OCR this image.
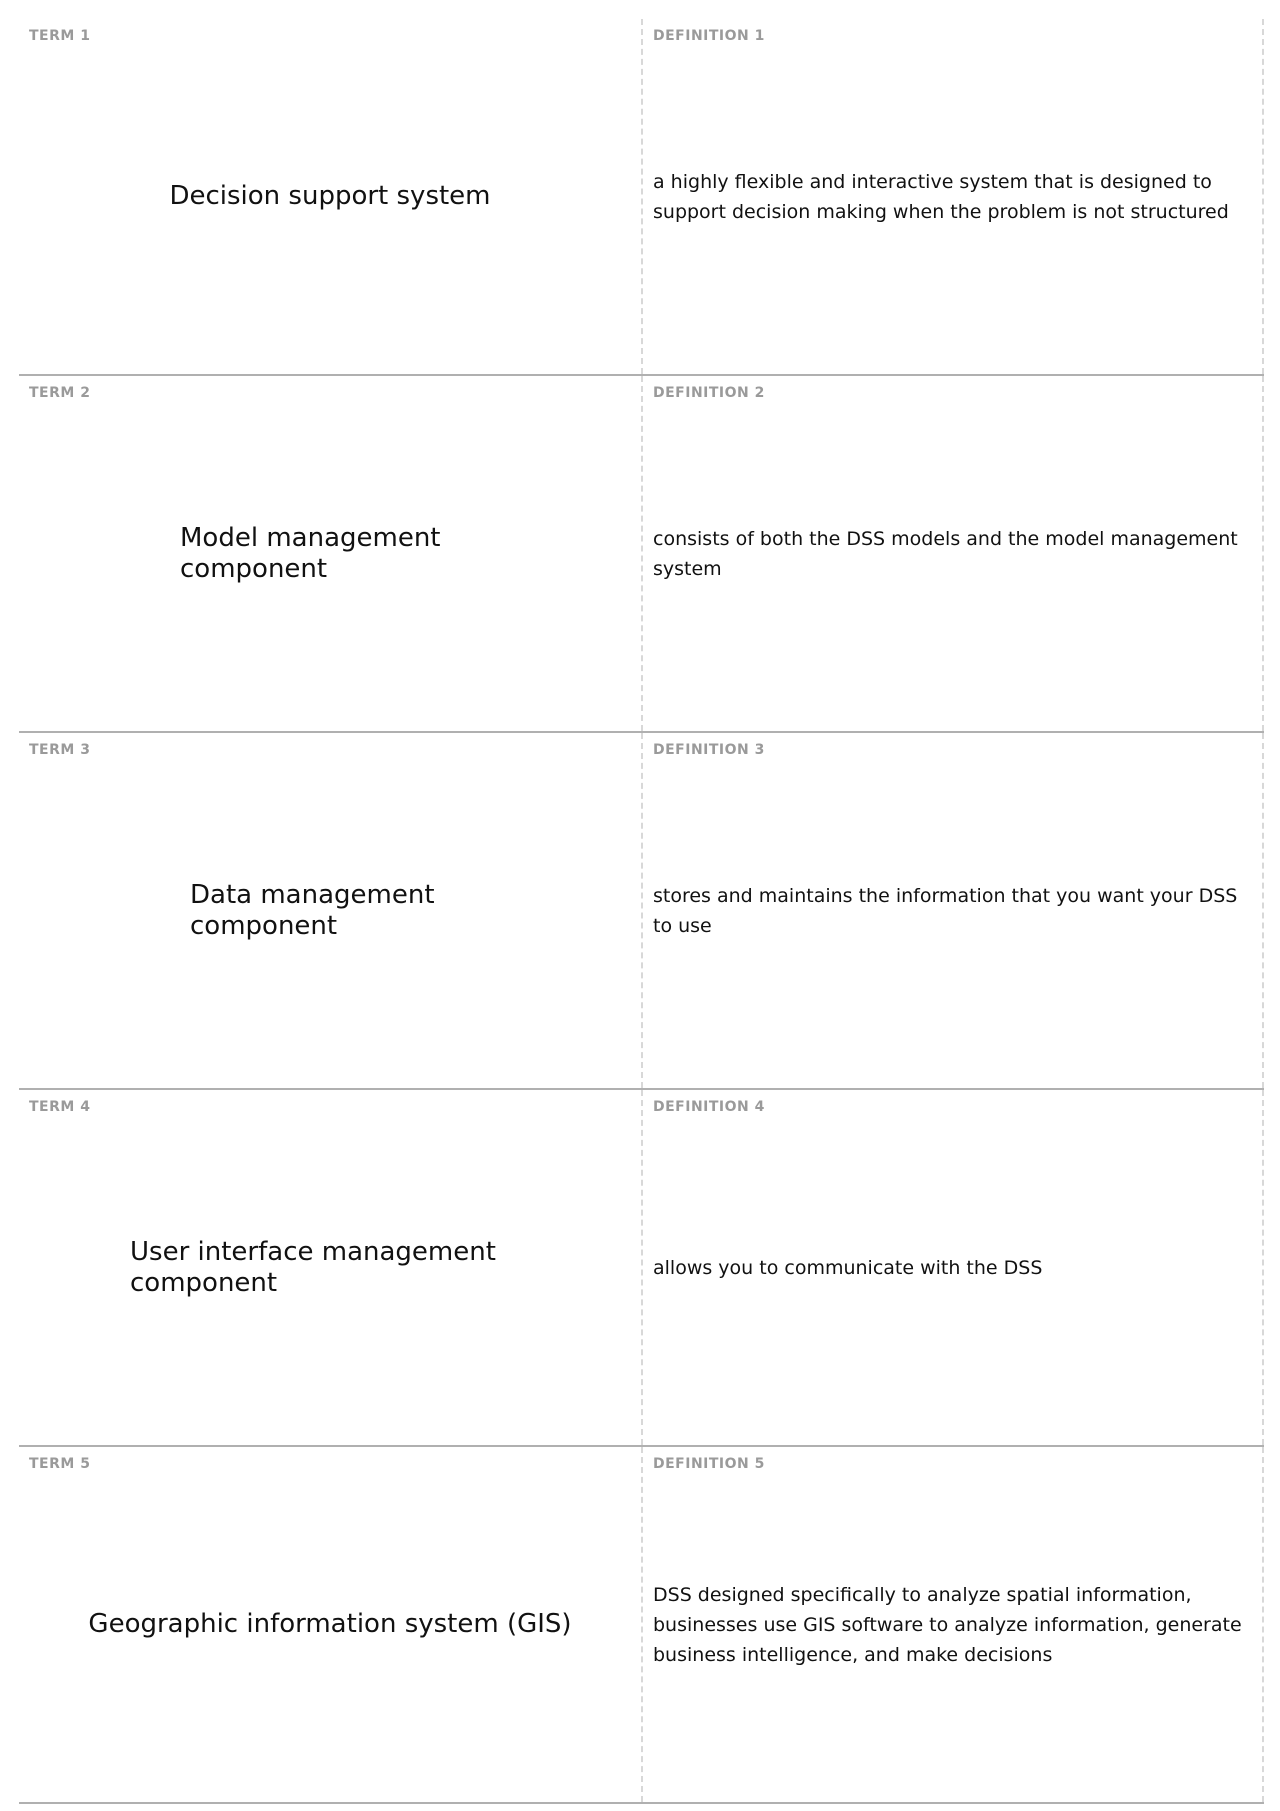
TERM 1
Decision support system
DEFINITION 1
a highly flexible and interactive system that is designed to support decision making when the problem is not structured
TERM 2
Model management component
DEFINITION 2
consists of both the DSS models and the model management system
TERM 3
Data management component
DEFINITION 3
stores and maintains the information that you want your DSS to use
TERM 4
User interface management component
DEFINITION 4
allows you to communicate with the DSS
TERM 5
Geographic information system (GIS)
DEFINITION 5
DSS designed specifically to analyze spatial information, businesses use GIS software to analyze information, generate business intelligence, and make decisions
